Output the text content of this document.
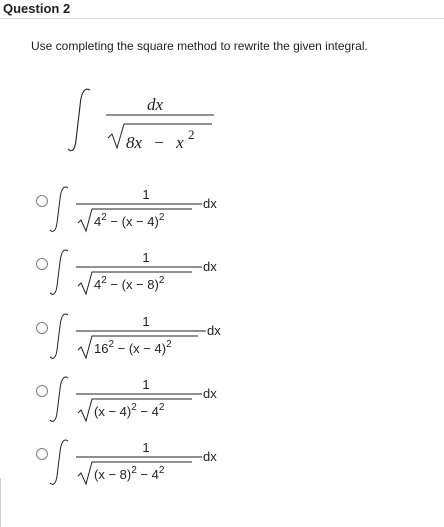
Question 2
Use completing the square method to rewrite the given integral.
dx
8x − x $^2$
1
dx
$4^2 - (x - 4)^2$
1
dx
$4^2 - (x - 8)^2$
1
dx
$16^2 - (x - 4)^2$
1
dx
$(x - 4)^2 - 4^2$
1
dx
$(x - 8)^2 - 4^2$
